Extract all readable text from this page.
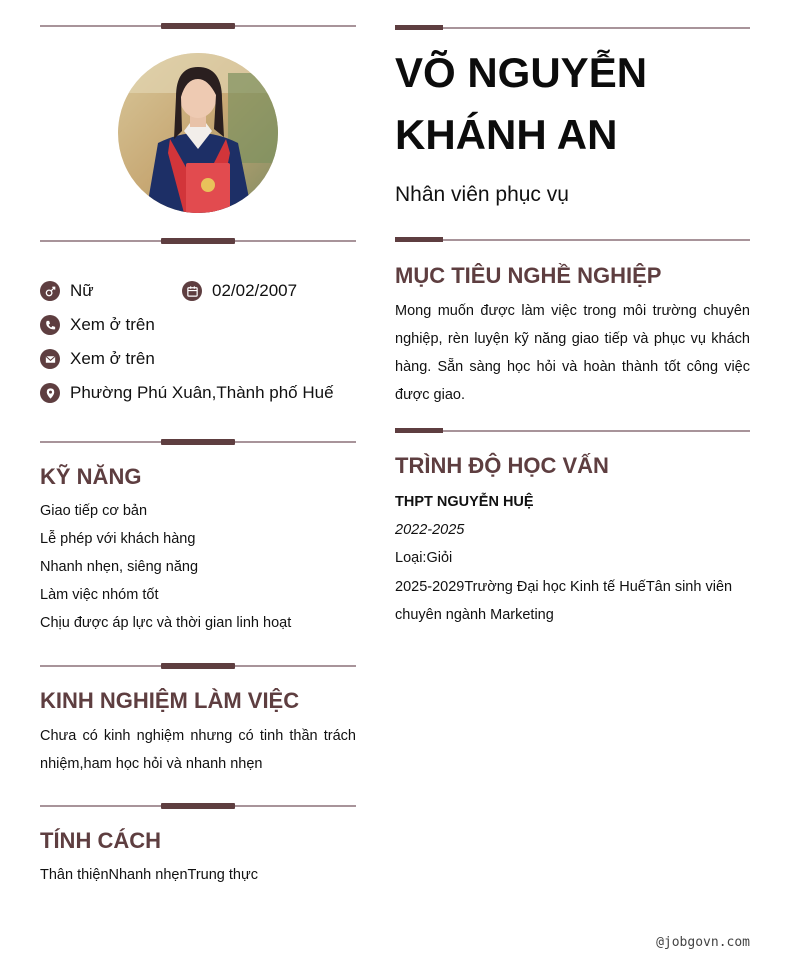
Nữ	02/02/2007
Xem ở trên
Xem ở trên
Phường Phú Xuân,Thành phố Huế
KỸ NĂNG
Giao tiếp cơ bản
Lễ phép với khách hàng
Nhanh nhẹn, siêng năng
Làm việc nhóm tốt
Chịu được áp lực và thời gian linh hoạt
KINH NGHIỆM LÀM VIỆC
Chưa có kinh nghiệm nhưng có tinh thần trách nhiệm,ham học hỏi và nhanh nhẹn
TÍNH CÁCH
Thân thiệnNhanh nhẹnTrung thực
VÕ NGUYỄN KHÁNH AN
Nhân viên phục vụ
MỤC TIÊU NGHỀ NGHIỆP
Mong muốn được làm việc trong môi trường chuyên nghiệp, rèn luyện kỹ năng giao tiếp và phục vụ khách hàng. Sẵn sàng học hỏi và hoàn thành tốt công việc được giao.
TRÌNH ĐỘ HỌC VẤN
THPT NGUYỄN HUỆ
2022-2025
Loại:Giỏi
2025-2029Trường Đại học Kinh tế HuếTân sinh viên chuyên ngành Marketing
@jobgovn.com
